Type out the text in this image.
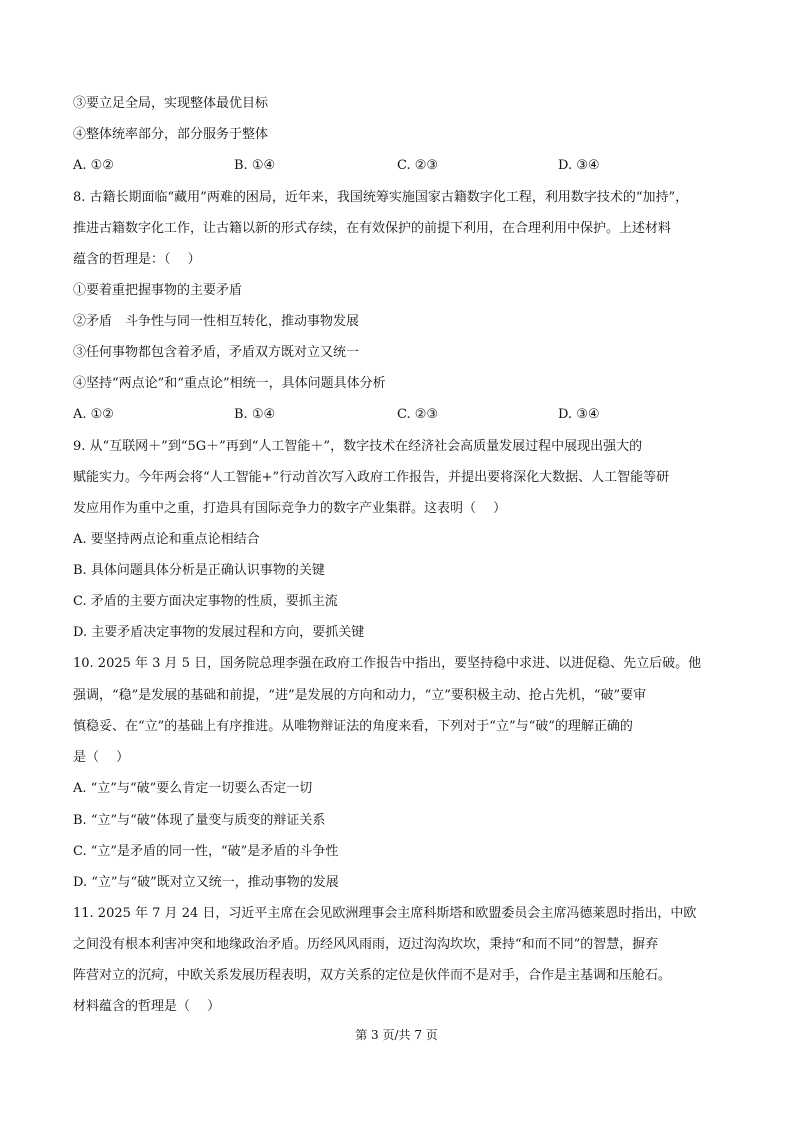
③要立足全局，实现整体最优目标
④整体统率部分，部分服务于整体
A. ①②	B. ①④	C. ②③	D. ③④
8. 古籍长期面临“藏用”两难的困局，近年来，我国统筹实施国家古籍数字化工程，利用数字技术的“加持”，
推进古籍数字化工作，让古籍以新的形式存续，在有效保护的前提下利用，在合理利用中保护。上述材料
蕴含的哲理是：（　 ）
①要着重把握事物的主要矛盾
②矛盾　斗争性与同一性相互转化，推动事物发展
③任何事物都包含着矛盾，矛盾双方既对立又统一
④坚持“两点论”和“重点论”相统一，具体问题具体分析
A. ①②	B. ①④	C. ②③	D. ③④
9. 从“互联网＋”到“5G＋”再到“人工智能＋”，数字技术在经济社会高质量发展过程中展现出强大的
赋能实力。今年两会将“人工智能+”行动首次写入政府工作报告，并提出要将深化大数据、人工智能等研
发应用作为重中之重，打造具有国际竞争力的数字产业集群。这表明（　 ）
A. 要坚持两点论和重点论相结合
B. 具体问题具体分析是正确认识事物的关键
C. 矛盾的主要方面决定事物的性质，要抓主流
D. 主要矛盾决定事物的发展过程和方向，要抓关键
10. 2025 年 3 月 5 日，国务院总理李强在政府工作报告中指出，要坚持稳中求进、以进促稳、先立后破。他
强调，“稳”是发展的基础和前提，“进”是发展的方向和动力，“立”要积极主动、抢占先机，“破”要审
慎稳妥、在“立”的基础上有序推进。从唯物辩证法的角度来看，下列对于“立”与“破”的理解正确的
是（　 ）
A. “立”与“破”要么肯定一切要么否定一切
B. “立”与“破”体现了量变与质变的辩证关系
C. “立”是矛盾的同一性，“破”是矛盾的斗争性
D. “立”与“破”既对立又统一，推动事物的发展
11. 2025 年 7 月 24 日，习近平主席在会见欧洲理事会主席科斯塔和欧盟委员会主席冯德莱恩时指出，中欧
之间没有根本利害冲突和地缘政治矛盾。历经风风雨雨，迈过沟沟坎坎，秉持“和而不同”的智慧，摒弃
阵营对立的沉疴，中欧关系发展历程表明，双方关系的定位是伙伴而不是对手，合作是主基调和压舱石。
材料蕴含的哲理是（　 ）
第 3 页/共 7 页
